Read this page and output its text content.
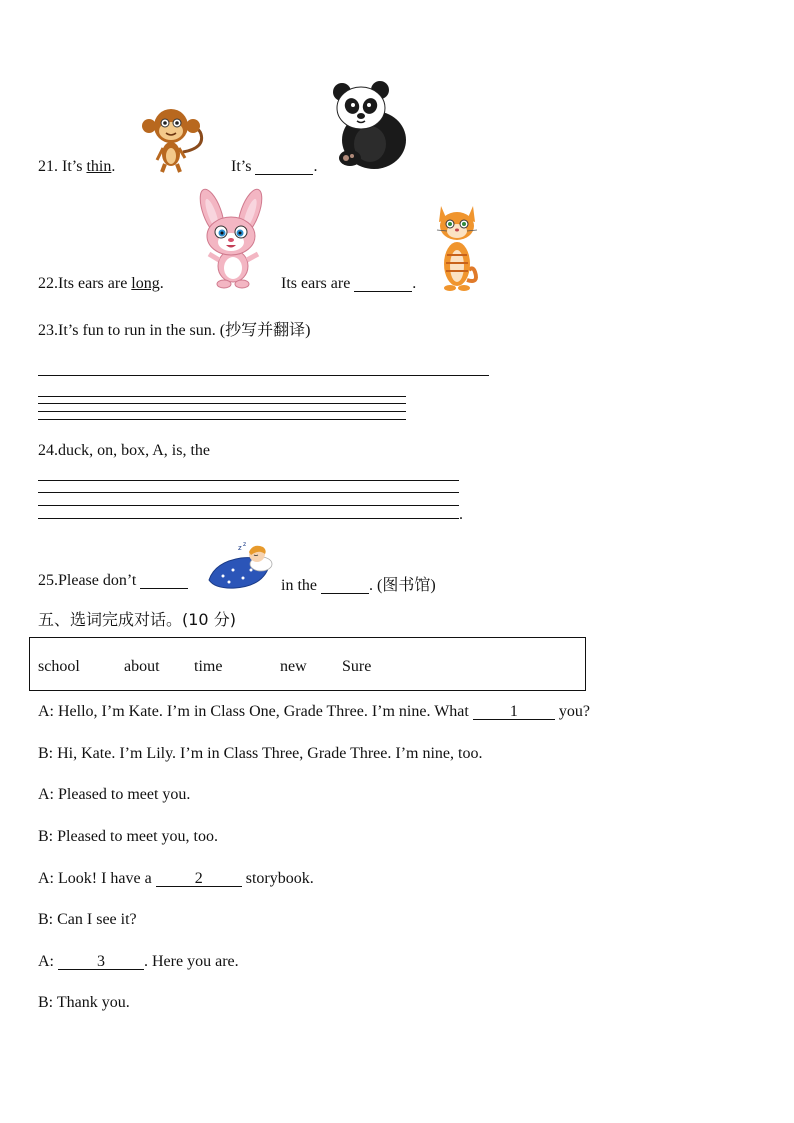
21. It’s thin.	It’s	.
22.Its ears are long.	Its ears are	.
23.It’s fun to run in the sun. (抄写并翻译)
24.duck, on, box, A, is, the
.
25.Please don’t
z z
in the	. (图书馆)
五、选词完成对话。(10 分)
school	about time	new Sure
A: Hello, I’m Kate. I’m in Class One, Grade Three. I’m nine. What	1	you?
B: Hi, Kate. I’m Lily. I’m in Class Three, Grade Three. I’m nine, too.
A: Pleased to meet you.
B: Pleased to meet you, too.
A: Look! I have a	2	storybook.
B: Can I see it?
A:	3 . Here you are.
B: Thank you.
